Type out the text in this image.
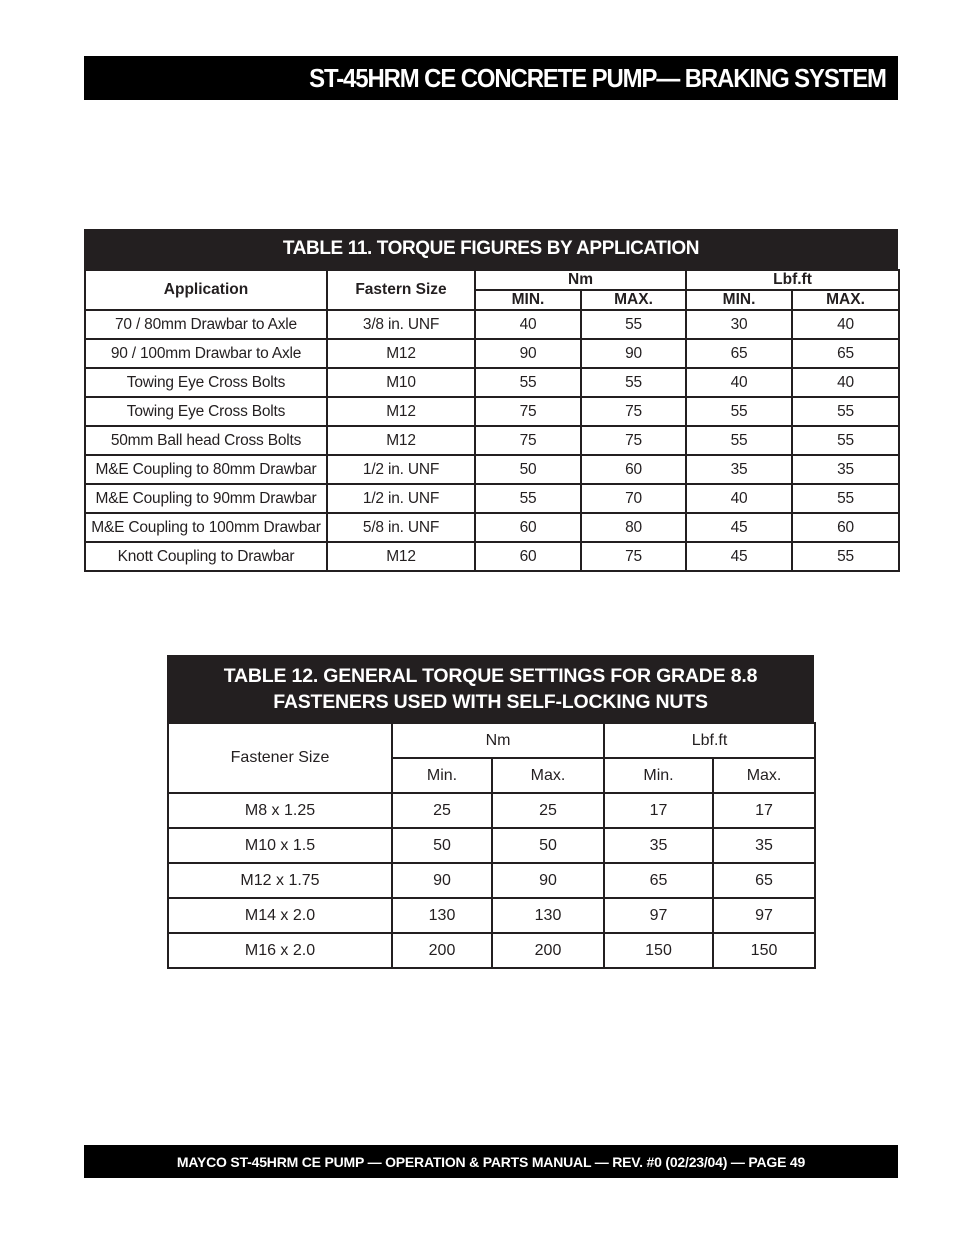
ST-45HRM CE CONCRETE PUMP— BRAKING SYSTEM
TABLE 11. TORQUE FIGURES BY APPLICATION
Application	Fastern Size	Nm		Lbf.ft	
		MIN.	MAX.	MIN.	MAX.
70 / 80mm Drawbar to Axle	3/8 in. UNF	40	55	30	40
90 / 100mm Drawbar to Axle	M12	90	90	65	65
Towing Eye Cross Bolts	M10	55	55	40	40
Towing Eye Cross Bolts	M12	75	75	55	55
50mm Ball head Cross Bolts	M12	75	75	55	55
M&E Coupling to 80mm Drawbar	1/2 in. UNF	50	60	35	35
M&E Coupling to 90mm Drawbar	1/2 in. UNF	55	70	40	55
M&E Coupling to 100mm Drawbar	5/8 in. UNF	60	80	45	60
Knott Coupling to Drawbar	M12	60	75	45	55
TABLE 12. GENERAL TORQUE SETTINGS FOR GRADE 8.8
FASTENERS USED WITH SELF-LOCKING NUTS
Fastener Size	Nm		Lbf.ft	
	Min.	Max.	Min.	Max.
M8 x 1.25	25	25	17	17
M10 x 1.5	50	50	35	35
M12 x 1.75	90	90	65	65
M14 x 2.0	130	130	97	97
M16 x 2.0	200	200	150	150
MAYCO ST-45HRM CE PUMP — OPERATION & PARTS MANUAL — REV. #0 (02/23/04) — PAGE 49
